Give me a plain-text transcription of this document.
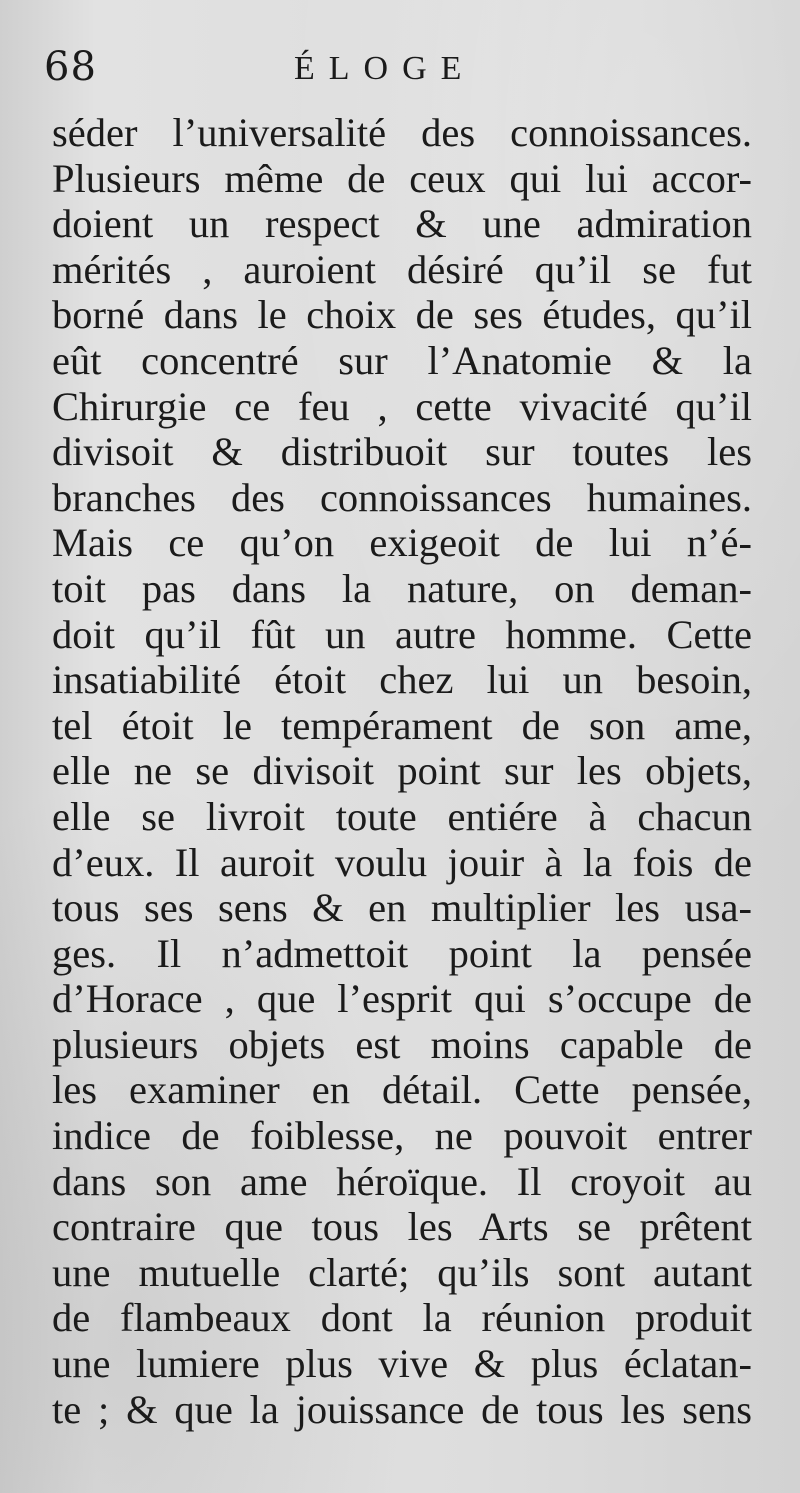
68	ÉLOGE
séder l’universalité des connoissances.
Plusieurs même de ceux qui lui accor-
doient un respect & une admiration
mérités , auroient désiré qu’il se fut
borné dans le choix de ses études, qu’il
eût concentré sur l’Anatomie & la
Chirurgie ce feu , cette vivacité qu’il
divisoit & distribuoit sur toutes les
branches des connoissances humaines.
Mais ce qu’on exigeoit de lui n’é-
toit pas dans la nature, on deman-
doit qu’il fût un autre homme. Cette
insatiabilité étoit chez lui un besoin,
tel étoit le tempérament de son ame,
elle ne se divisoit point sur les objets,
elle se livroit toute entiére à chacun
d’eux. Il auroit voulu jouir à la fois de
tous ses sens & en multiplier les usa-
ges. Il n’admettoit point la pensée
d’Horace , que l’esprit qui s’occupe de
plusieurs objets est moins capable de
les examiner en détail. Cette pensée,
indice de foiblesse, ne pouvoit entrer
dans son ame héroïque. Il croyoit au
contraire que tous les Arts se prêtent
une mutuelle clarté; qu’ils sont autant
de flambeaux dont la réunion produit
une lumiere plus vive & plus éclatan-
te ; & que la jouissance de tous les sens
